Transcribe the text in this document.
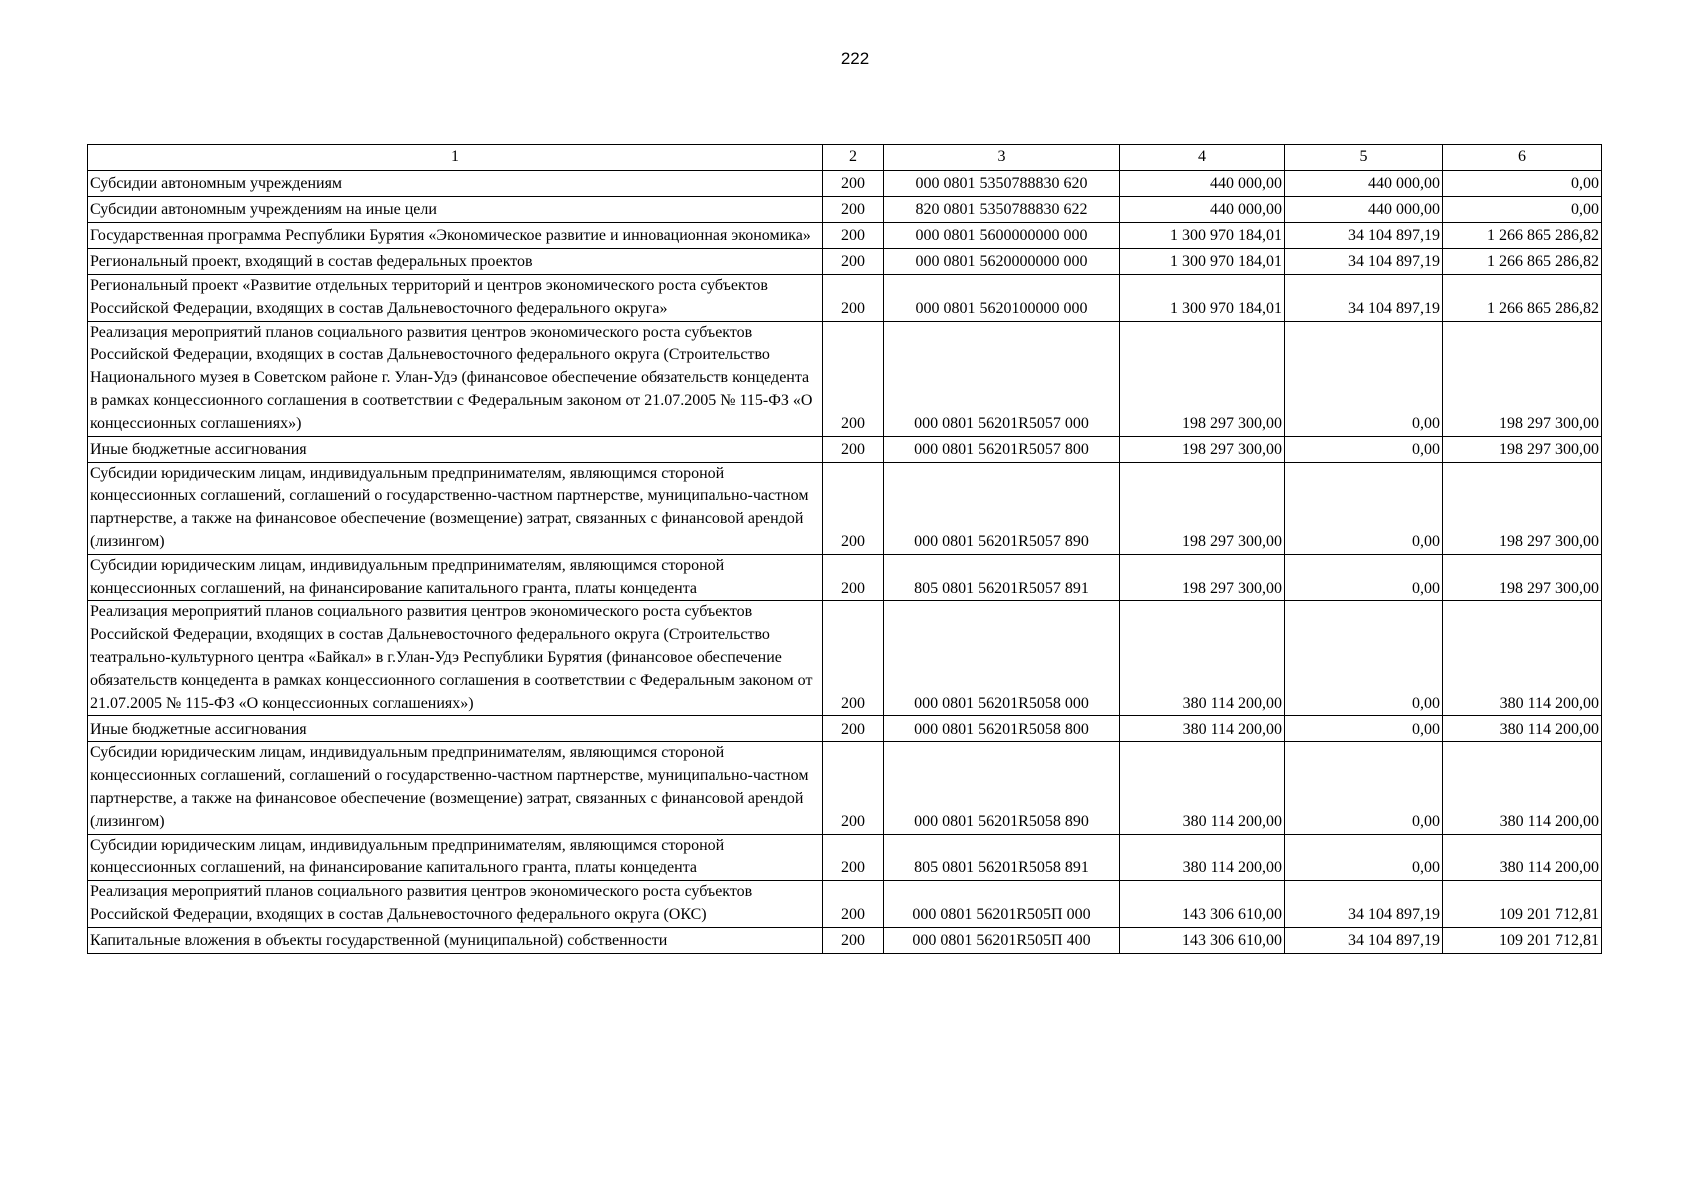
222
1	2	3	4	5	6
Субсидии автономным учреждениям	200	000 0801 5350788830 620	440 000,00	440 000,00	0,00
Субсидии автономным учреждениям на иные цели	200	820 0801 5350788830 622	440 000,00	440 000,00	0,00
Государственная программа Республики Бурятия «Экономическое развитие и инновационная экономика»	200	000 0801 5600000000 000	1 300 970 184,01	34 104 897,19	1 266 865 286,82
Региональный проект, входящий в состав федеральных проектов	200	000 0801 5620000000 000	1 300 970 184,01	34 104 897,19	1 266 865 286,82
Региональный проект «Развитие отдельных территорий и центров экономического роста субъектов Российской Федерации, входящих в состав Дальневосточного федерального округа»	200	000 0801 5620100000 000	1 300 970 184,01	34 104 897,19	1 266 865 286,82
Реализация мероприятий планов социального развития центров экономического роста субъектов Российской Федерации, входящих в состав Дальневосточного федерального округа (Строительство Национального музея в Советском районе г. Улан-Удэ (финансовое обеспечение обязательств концедента в рамках концессионного соглашения в соответствии с Федеральным законом от 21.07.2005 № 115-ФЗ «О концессионных соглашениях»)	200	000 0801 56201R5057 000	198 297 300,00	0,00	198 297 300,00
Иные бюджетные ассигнования	200	000 0801 56201R5057 800	198 297 300,00	0,00	198 297 300,00
Субсидии юридическим лицам, индивидуальным предпринимателям, являющимся стороной концессионных соглашений, соглашений о государственно-частном партнерстве, муниципально-частном партнерстве, а также на финансовое обеспечение (возмещение) затрат, связанных с финансовой арендой (лизингом)	200	000 0801 56201R5057 890	198 297 300,00	0,00	198 297 300,00
Субсидии юридическим лицам, индивидуальным предпринимателям, являющимся стороной концессионных соглашений, на финансирование капитального гранта, платы концедента	200	805 0801 56201R5057 891	198 297 300,00	0,00	198 297 300,00
Реализация мероприятий планов социального развития центров экономического роста субъектов Российской Федерации, входящих в состав Дальневосточного федерального округа (Строительство театрально-культурного центра «Байкал» в г.Улан-Удэ Республики Бурятия (финансовое обеспечение обязательств концедента в рамках концессионного соглашения в соответствии с Федеральным законом от 21.07.2005 № 115-ФЗ «О концессионных соглашениях»)	200	000 0801 56201R5058 000	380 114 200,00	0,00	380 114 200,00
Иные бюджетные ассигнования	200	000 0801 56201R5058 800	380 114 200,00	0,00	380 114 200,00
Субсидии юридическим лицам, индивидуальным предпринимателям, являющимся стороной концессионных соглашений, соглашений о государственно-частном партнерстве, муниципально-частном партнерстве, а также на финансовое обеспечение (возмещение) затрат, связанных с финансовой арендой (лизингом)	200	000 0801 56201R5058 890	380 114 200,00	0,00	380 114 200,00
Субсидии юридическим лицам, индивидуальным предпринимателям, являющимся стороной концессионных соглашений, на финансирование капитального гранта, платы концедента	200	805 0801 56201R5058 891	380 114 200,00	0,00	380 114 200,00
Реализация мероприятий планов социального развития центров экономического роста субъектов Российской Федерации, входящих в состав Дальневосточного федерального округа (ОКС)	200	000 0801 56201R505П 000	143 306 610,00	34 104 897,19	109 201 712,81
Капитальные вложения в объекты государственной (муниципальной) собственности	200	000 0801 56201R505П 400	143 306 610,00	34 104 897,19	109 201 712,81
